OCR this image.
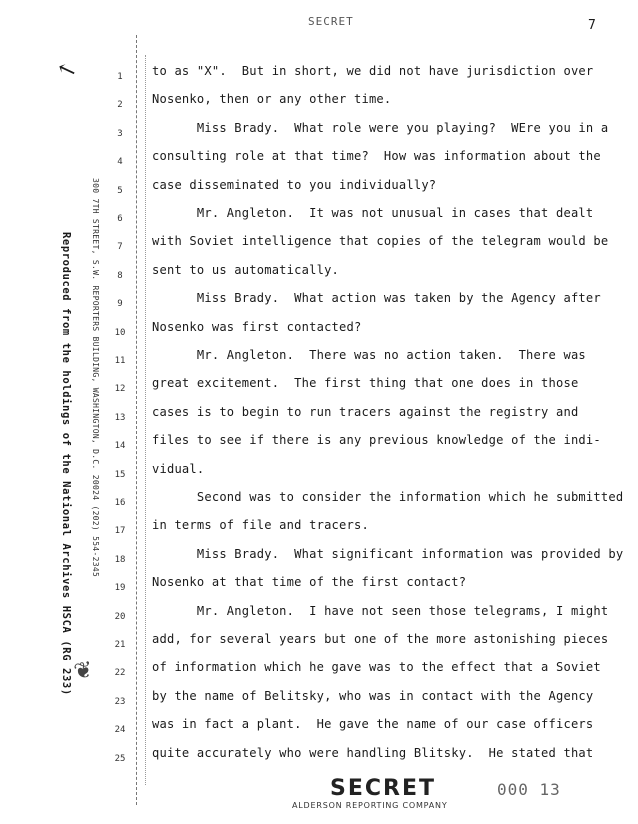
SECRET	7
↖
Reproduced from the holdings of the National Archives HSCA (RG 233) 300 7TH STREET, S.W. REPORTERS BUILDING, WASHINGTON, D.C. 20024 (202) 554-2345
❦
1
2
3
4
5
6
7
8
9
10
11
12
13
14
15
16
17
18
19
20
21
22
23
24
25
to as "X".  But in short, we did not have jurisdiction over
Nosenko, then or any other time.
Miss Brady.  What role were you playing?  WEre you in a
consulting role at that time?  How was information about the
case disseminated to you individually?
Mr. Angleton.  It was not unusual in cases that dealt
with Soviet intelligence that copies of the telegram would be
sent to us automatically.
Miss Brady.  What action was taken by the Agency after
Nosenko was first contacted?
Mr. Angleton.  There was no action taken.  There was
great excitement.  The first thing that one does in those
cases is to begin to run tracers against the registry and
files to see if there is any previous knowledge of the indi-
vidual.
Second was to consider the information which he submitted
in terms of file and tracers.
Miss Brady.  What significant information was provided by
Nosenko at that time of the first contact?
Mr. Angleton.  I have not seen those telegrams, I might
add, for several years but one of the more astonishing pieces
of information which he gave was to the effect that a Soviet
by the name of Belitsky, who was in contact with the Agency
was in fact a plant.  He gave the name of our case officers
quite accurately who were handling Blitsky.  He stated that
SECRET	000 13
ALDERSON REPORTING COMPANY
